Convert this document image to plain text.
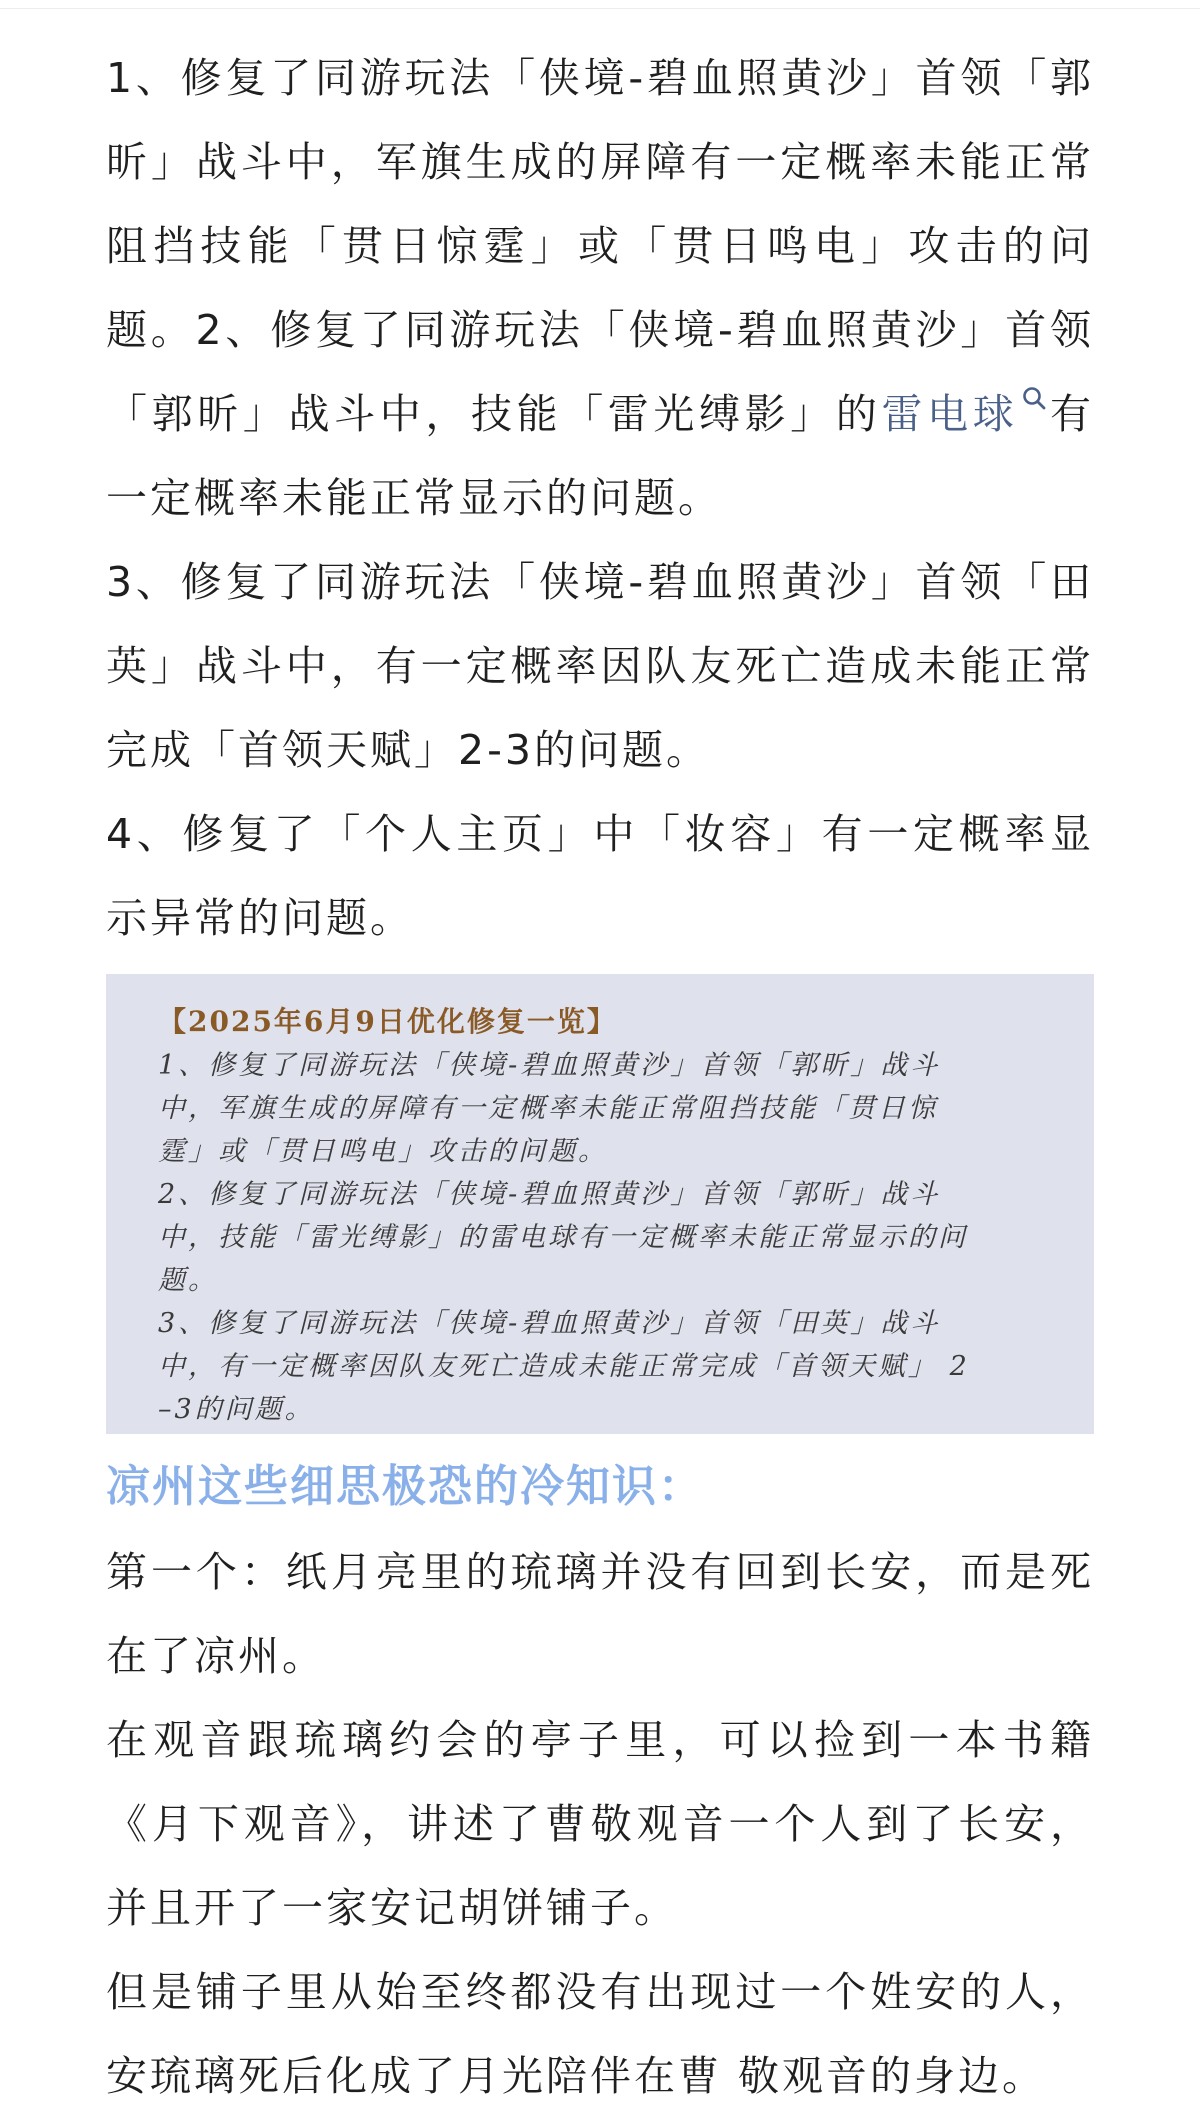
1、修复了同游玩法「侠境-碧血照黄沙」首领「郭昕」战斗中，军旗生成的屏障有一定概率未能正常阻挡技能「贯日惊霆」或「贯日鸣电」攻击的问题。2、修复了同游玩法「侠境-碧血照黄沙」首领「郭昕」战斗中，技能「雷光缚影」的雷电球 有一定概率未能正常显示的问题。

3、修复了同游玩法「侠境-碧血照黄沙」首领「田英」战斗中，有一定概率因队友死亡造成未能正常完成「首领天赋」2-3的问题。

4、修复了「个人主页」中「妆容」有一定概率显示异常的问题。

【2025年6月9日优化修复一览】

1、修复了同游玩法「侠境-碧血照黄沙」首领「郭昕」战斗

中，军旗生成的屏障有一定概率未能正常阻挡技能「贯日惊

霆」或「贯日鸣电」攻击的问题。

2、修复了同游玩法「侠境-碧血照黄沙」首领「郭昕」战斗

中，技能「雷光缚影」的雷电球有一定概率未能正常显示的问

题。

3、修复了同游玩法「侠境-碧血照黄沙」首领「田英」战斗

中，有一定概率因队友死亡造成未能正常完成「首领天赋」 2

–3的问题。

凉州这些细思极恐的冷知识：

第一个：纸月亮里的琉璃并没有回到长安，而是死在了凉州。

在观音跟琉璃约会的亭子里，可以捡到一本书籍《月下观音》，讲述了曹敬观音一个人到了长安，并且开了一家安记胡饼铺子。

但是铺子里从始至终都没有出现过一个姓安的人，安琉璃死后化成了月光陪伴在曹 敬观音的身边。
